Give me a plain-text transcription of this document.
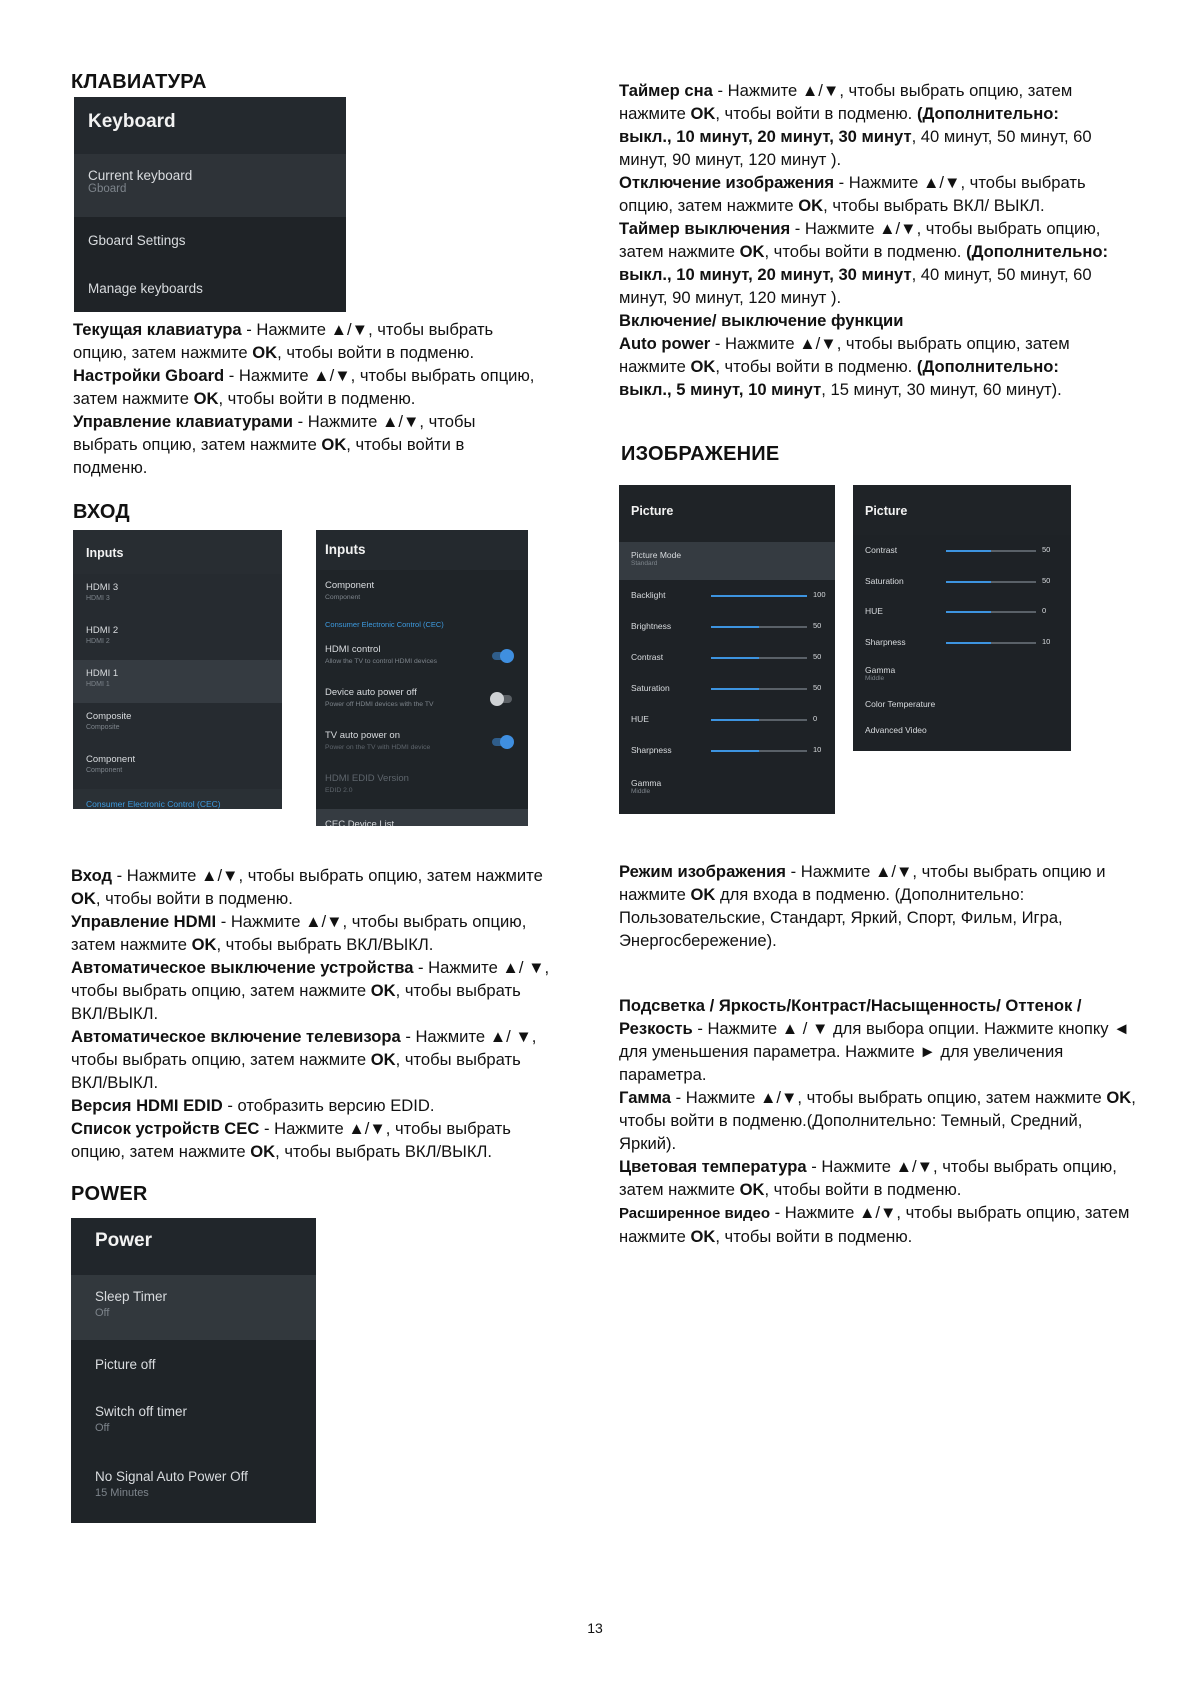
КЛАВИАТУРА
Keyboard
Current keyboard
Gboard
Gboard Settings
Manage keyboards

Текущая клавиатура - Нажмите ▲/▼, чтобы выбрать опцию, затем нажмите OK, чтобы войти в подменю.

Настройки Gboard - Нажмите ▲/▼, чтобы выбрать опцию, затем нажмите OK, чтобы войти в подменю.

Управление клавиатурами - Нажмите ▲/▼, чтобы выбрать опцию, затем нажмите OK, чтобы войти в подменю.

ВХОД
Inputs
HDMI 3
HDMI 3
HDMI 2
HDMI 2
HDMI 1
HDMI 1
Composite
Composite
Component
Component
Consumer Electronic Control (CEC)
Inputs
Component
Component
Consumer Electronic Control (CEC)
HDMI control
Allow the TV to control HDMI devices
Device auto power off
Power off HDMI devices with the TV
TV auto power on
Power on the TV with HDMI device
HDMI EDID Version
EDID 2.0
CEC Device List

Вход - Нажмите ▲/▼, чтобы выбрать опцию, затем нажмите OK, чтобы войти в подменю.

Управление HDMI - Нажмите ▲/▼, чтобы выбрать опцию, затем нажмите OK, чтобы выбрать ВКЛ/ВЫКЛ.

Автоматическое выключение устройства - Нажмите ▲/ ▼, чтобы выбрать опцию, затем нажмите OK, чтобы выбрать ВКЛ/ВЫКЛ.

Автоматическое включение телевизора - Нажмите ▲/ ▼, чтобы выбрать опцию, затем нажмите OK, чтобы выбрать ВКЛ/ВЫКЛ.

Версия HDMI EDID - отобразить версию EDID.

Список устройств CEC - Нажмите ▲/▼, чтобы выбрать опцию, затем нажмите OK, чтобы выбрать ВКЛ/ВЫКЛ.

POWER
Power
Sleep Timer
Off
Picture off
Switch off timer
Off
No Signal Auto Power Off
15 Minutes

Таймер сна - Нажмите ▲/▼, чтобы выбрать опцию, затем нажмите OK, чтобы войти в подменю. (Дополнительно: выкл., 10 минут, 20 минут, 30 минут, 40 минут, 50 минут, 60 минут, 90 минут, 120 минут ).

Отключение изображения - Нажмите ▲/▼, чтобы выбрать опцию, затем нажмите OK, чтобы выбрать ВКЛ/ ВЫКЛ.

Таймер выключения - Нажмите ▲/▼, чтобы выбрать опцию, затем нажмите OK, чтобы войти в подменю. (Дополнительно: выкл., 10 минут, 20 минут, 30 минут, 40 минут, 50 минут, 60 минут, 90 минут, 120 минут ).

Включение/ выключение функции

Auto power - Нажмите ▲/▼, чтобы выбрать опцию, затем нажмите OK, чтобы войти в подменю. (Дополнительно: выкл., 5 минут, 10 минут, 15 минут, 30 минут, 60 минут).

ИЗОБРАЖЕНИЕ
Picture
Picture Mode
Standard
Backlight	100
Brightness	50
Contrast	50
Saturation	50
HUE	0
Sharpness	10
Gamma
Middle
Picture
Contrast	50
Saturation	50
HUE	0
Sharpness	10
Gamma
Middle
Color Temperature
Advanced Video

Режим изображения - Нажмите ▲/▼, чтобы выбрать опцию и нажмите OK для входа в подменю. (Дополнительно: Пользовательские, Стандарт, Яркий, Спорт, Фильм, Игра, Энергосбережение).

Подсветка / Яркость/Контраст/Насыщенность/ Оттенок /

Резкость - Нажмите ▲ / ▼ для выбора опции. Нажмите кнопку ◄ для уменьшения параметра. Нажмите ► для увеличения параметра.

Гамма - Нажмите ▲/▼, чтобы выбрать опцию, затем нажмите OK, чтобы войти в подменю.(Дополнительно: Темный, Средний, Яркий).

Цветовая температура - Нажмите ▲/▼, чтобы выбрать опцию, затем нажмите OK, чтобы войти в подменю.

Расширенное видео - Нажмите ▲/▼, чтобы выбрать опцию, затем нажмите OK, чтобы войти в подменю.

13
